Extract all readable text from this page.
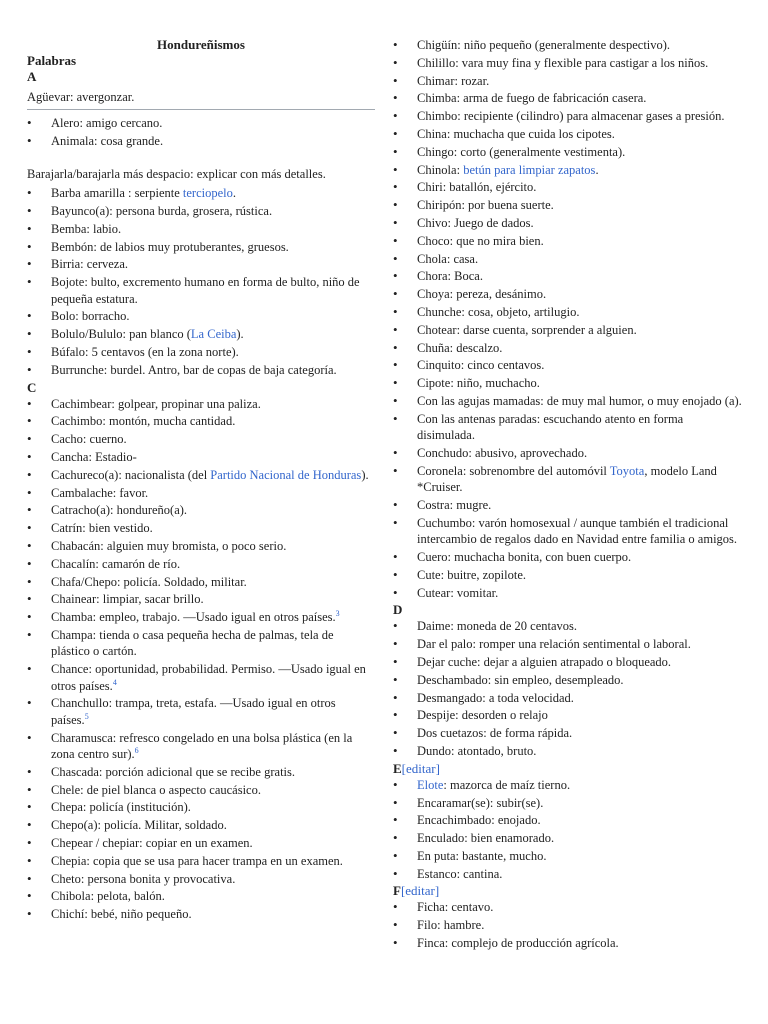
Hondureñismos
Palabras
A
Agüevar: avergonzar.
• Alero: amigo cercano.
• Animala: cosa grande.
Barajarla/barajarla más despacio: explicar con más detalles.
• Barba amarilla : serpiente terciopelo.
• Bayunco(a): persona burda, grosera, rústica.
• Bemba: labio.
• Bembón: de labios muy protuberantes, gruesos.
• Birria: cerveza.
• Bojote: bulto, excremento humano en forma de bulto, niño de pequeña estatura.
• Bolo: borracho.
• Bolulo/Bululo: pan blanco (La Ceiba).
• Búfalo: 5 centavos (en la zona norte).
• Burrunche: burdel. Antro, bar de copas de baja categoría.
C
• Cachimbear: golpear, propinar una paliza.
• Cachimbo: montón, mucha cantidad.
• Cacho: cuerno.
• Cancha: Estadio-
• Cachureco(a): nacionalista (del Partido Nacional de Honduras).
• Cambalache: favor.
• Catracho(a): hondureño(a).
• Catrín: bien vestido.
• Chabacán: alguien muy bromista, o poco serio.
• Chacalín: camarón de río.
• Chafa/Chepo: policía. Soldado, militar.
• Chainear: limpiar, sacar brillo.
• Chamba: empleo, trabajo. —Usado igual en otros países.$^3$
• Champa: tienda o casa pequeña hecha de palmas, tela de plástico o cartón.
• Chance: oportunidad, probabilidad. Permiso. —Usado igual en otros países.$^4$
• Chanchullo: trampa, treta, estafa. —Usado igual en otros países.$^5$
• Charamusca: refresco congelado en una bolsa plástica (en la zona centro sur).$^6$
• Chascada: porción adicional que se recibe gratis.
• Chele: de piel blanca o aspecto caucásico.
• Chepa: policía (institución).
• Chepo(a): policía. Militar, soldado.
• Chepear / chepiar: copiar en un examen.
• Chepia: copia que se usa para hacer trampa en un examen.
• Cheto: persona bonita y provocativa.
• Chibola: pelota, balón.
• Chichí: bebé, niño pequeño.
• Chigüín: niño pequeño (generalmente despectivo).
• Chilillo: vara muy fina y flexible para castigar a los niños.
• Chimar: rozar.
• Chimba: arma de fuego de fabricación casera.
• Chimbo: recipiente (cilindro) para almacenar gases a presión.
• China: muchacha que cuida los cipotes.
• Chingo: corto (generalmente vestimenta).
• Chinola: betún para limpiar zapatos.
• Chiri: batallón, ejército.
• Chiripón: por buena suerte.
• Chivo: Juego de dados.
• Choco: que no mira bien.
• Chola: casa.
• Chora: Boca.
• Choya: pereza, desánimo.
• Chunche: cosa, objeto, artilugio.
• Chotear: darse cuenta, sorprender a alguien.
• Chuña: descalzo.
• Cinquito: cinco centavos.
• Cipote: niño, muchacho.
• Con las agujas mamadas: de muy mal humor, o muy enojado (a).
• Con las antenas paradas: escuchando atento en forma disimulada.
• Conchudo: abusivo, aprovechado.
• Coronela: sobrenombre del automóvil Toyota, modelo Land *Cruiser.
• Costra: mugre.
• Cuchumbo: varón homosexual / aunque también el tradicional intercambio de regalos dado en Navidad entre familia o amigos.
• Cuero: muchacha bonita, con buen cuerpo.
• Cute: buitre, zopilote.
• Cutear: vomitar.
D
• Daime: moneda de 20 centavos.
• Dar el palo: romper una relación sentimental o laboral.
• Dejar cuche: dejar a alguien atrapado o bloqueado.
• Deschambado: sin empleo, desempleado.
• Desmangado: a toda velocidad.
• Despije: desorden o relajo
• Dos cuetazos: de forma rápida.
• Dundo: atontado, bruto.
E[editar]
• Elote: mazorca de maíz tierno.
• Encaramar(se): subir(se).
• Encachimbado: enojado.
• Enculado: bien enamorado.
• En puta: bastante, mucho.
• Estanco: cantina.
F[editar]
• Ficha: centavo.
• Filo: hambre.
• Finca: complejo de producción agrícola.
